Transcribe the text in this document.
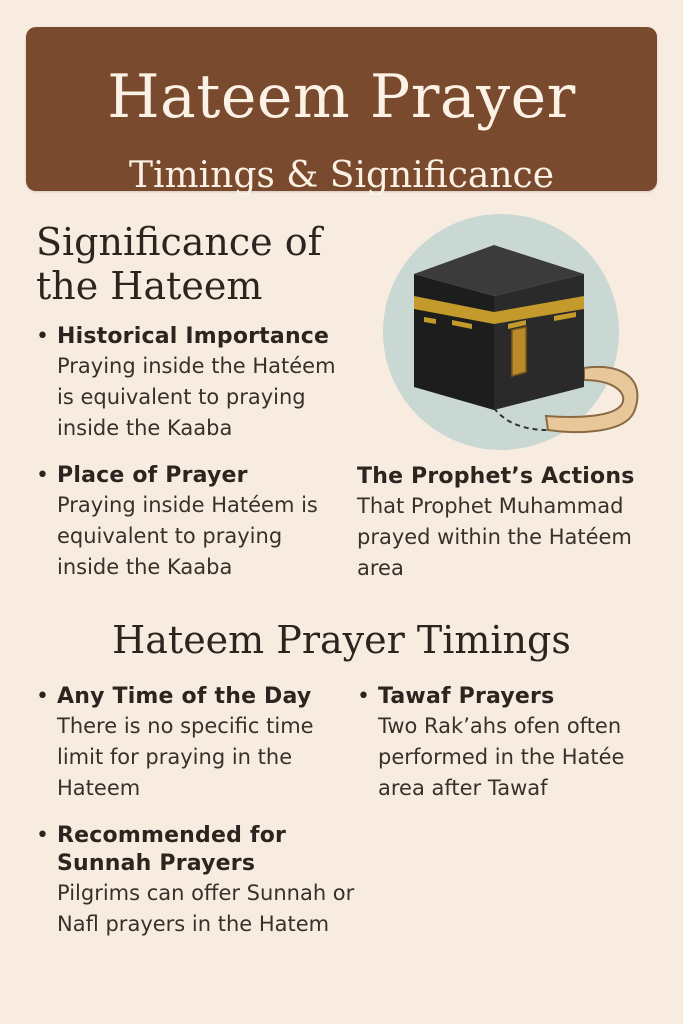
Hateem Prayer
Timings & Significance
Significance of the Hateem
• Historical Importance
Praying inside the Hatéem is equivalent to praying inside the Kaaba
• Place of Prayer
Praying inside Hatéem is equivalent to praying inside the Kaaba
The Prophet’s Actions
That Prophet Muhammad prayed within the Hatéem area
Hateem Prayer Timings
• Any Time of the Day
There is no specific time limit for praying in the Hateem
• Tawaf Prayers
Two Rak’ahs ofen often performed in the Hatée area after Tawaf
• Recommended for Sunnah Prayers
Pilgrims can offer Sunnah or Nafl prayers in the Hatem
